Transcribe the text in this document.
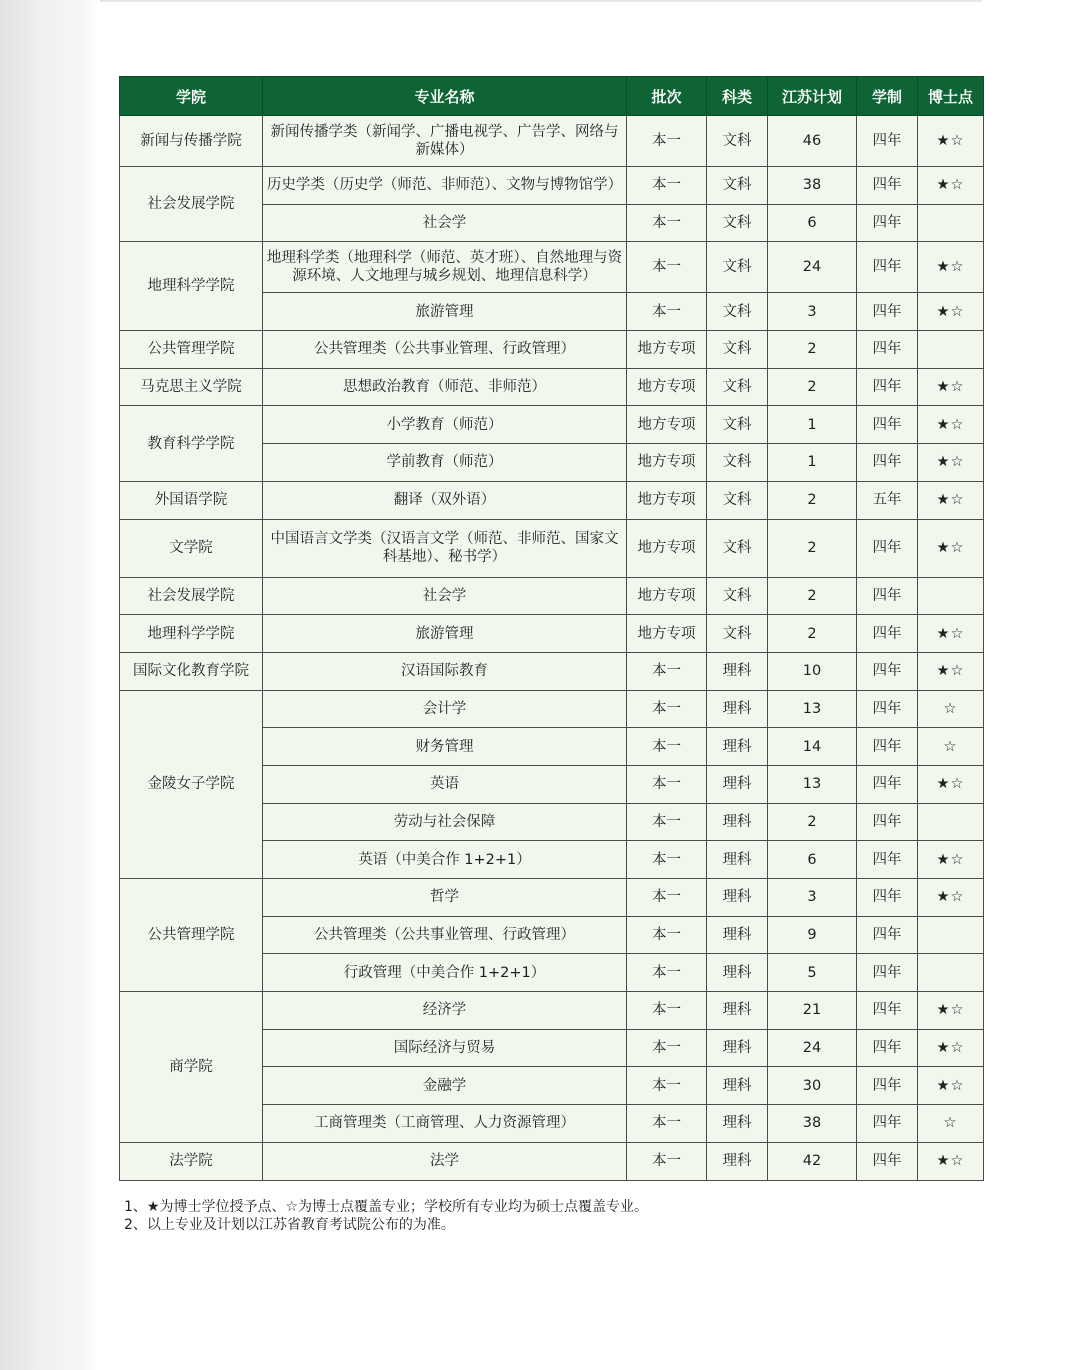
学院	专业名称	批次	科类	江苏计划	学制	博士点
新闻与传播学院	新闻传播学类（新闻学、广播电视学、广告学、网络与新媒体）	本一	文科	46	四年	★☆
社会发展学院	历史学类（历史学（师范、非师范）、文物与博物馆学）	本一	文科	38	四年	★☆
	社会学	本一	文科	6	四年	
地理科学学院	地理科学类（地理科学（师范、英才班）、自然地理与资源环境、人文地理与城乡规划、地理信息科学）	本一	文科	24	四年	★☆
	旅游管理	本一	文科	3	四年	★☆
公共管理学院	公共管理类（公共事业管理、行政管理）	地方专项	文科	2	四年	
马克思主义学院	思想政治教育（师范、非师范）	地方专项	文科	2	四年	★☆
教育科学学院	小学教育（师范）	地方专项	文科	1	四年	★☆
	学前教育（师范）	地方专项	文科	1	四年	★☆
外国语学院	翻译（双外语）	地方专项	文科	2	五年	★☆
文学院	中国语言文学类（汉语言文学（师范、非师范、国家文科基地）、秘书学）	地方专项	文科	2	四年	★☆
社会发展学院	社会学	地方专项	文科	2	四年	
地理科学学院	旅游管理	地方专项	文科	2	四年	★☆
国际文化教育学院	汉语国际教育	本一	理科	10	四年	★☆
金陵女子学院	会计学	本一	理科	13	四年	☆
	财务管理	本一	理科	14	四年	☆
	英语	本一	理科	13	四年	★☆
	劳动与社会保障	本一	理科	2	四年	
	英语（中美合作 1+2+1）	本一	理科	6	四年	★☆
公共管理学院	哲学	本一	理科	3	四年	★☆
	公共管理类（公共事业管理、行政管理）	本一	理科	9	四年	
	行政管理（中美合作 1+2+1）	本一	理科	5	四年	
商学院	经济学	本一	理科	21	四年	★☆
	国际经济与贸易	本一	理科	24	四年	★☆
	金融学	本一	理科	30	四年	★☆
	工商管理类（工商管理、人力资源管理）	本一	理科	38	四年	☆
法学院	法学	本一	理科	42	四年	★☆
1、★为博士学位授予点、☆为博士点覆盖专业；学校所有专业均为硕士点覆盖专业。
2、以上专业及计划以江苏省教育考试院公布的为准。
